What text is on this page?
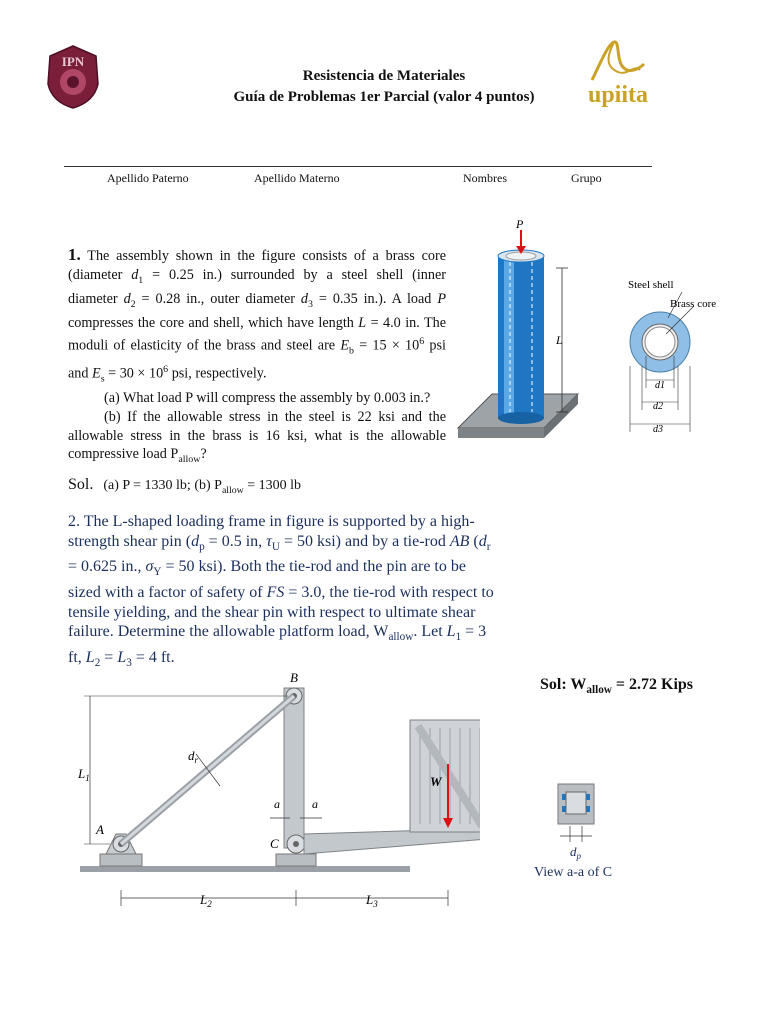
IPN
Resistencia de Materiales
Guía de Problemas 1er Parcial (valor 4 puntos)	upiita
Apellido Paterno	Apellido Materno	Nombres	Grupo
1. The assembly shown in the figure consists of a brass core (diameter $d_1 = 0.25$ in.) surrounded by a steel shell (inner diameter $d_2 = 0.28$ in., outer diameter $d_3 = 0.35$ in.). A load P compresses the core and shell, which have length L = 4.0 in. The moduli of elasticity of the brass and steel are $E_b = 15 \times 10^6$ psi and $E_s = 30 \times 10^6$ psi, respectively.
(a) What load P will compress the assembly by 0.003 in.?
(b) If the allowable stress in the steel is 22 ksi and the allowable stress in the brass is 16 ksi, what is the allowable compressive load $P_{allow}$?
P
L
Steel shell
Brass core
d1
d2
d3
Sol. (a) P = 1330 lb; (b) $P_{allow} = 1300$ lb
2. The L-shaped loading frame in figure is supported by a high-strength shear pin ($d_p = 0.5$ in, $\tau_U = 50$ ksi) and by a tie-rod AB ($d_r = 0.625$ in., $\sigma_Y = 50$ ksi). Both the tie-rod and the pin are to be sized with a factor of safety of FS = 3.0, the tie-rod with respect to tensile yielding, and the shear pin with respect to ultimate shear failure. Determine the allowable platform load, $W_{allow}$. Let $L_1 = 3$ ft, $L_2 = L_3 = 4$ ft.
Sol: $W_{allow} = 2.72$ Kips
W
B
A
C
a	a
$d_r$
$L_1$
$L_2$	$L_3$
$d_p$
View a-a of C
